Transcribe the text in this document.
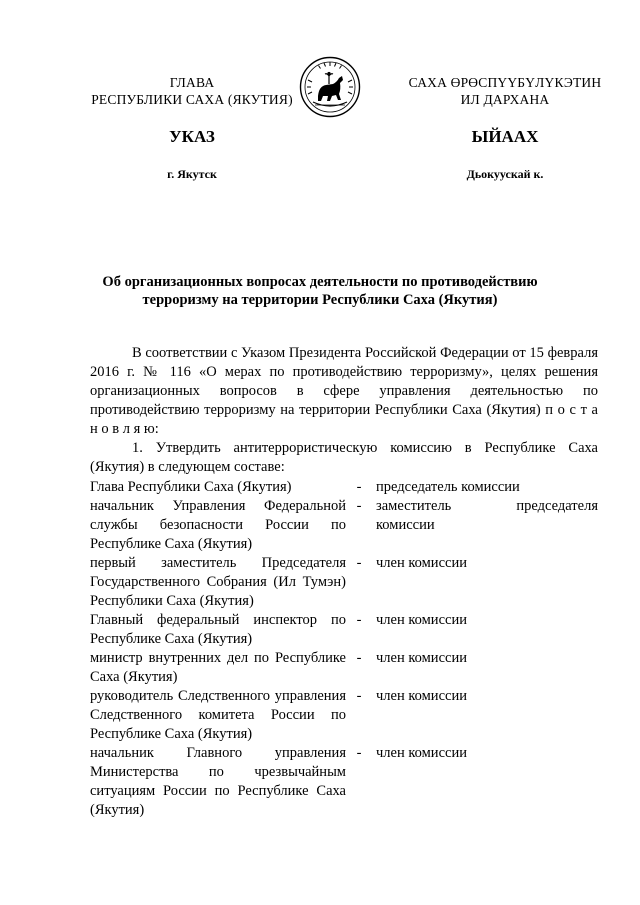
ГЛАВА
РЕСПУБЛИКИ САХА (ЯКУТИЯ)
САХА ӨРӨСПҮҮБҮЛҮКЭТИН
ИЛ ДАРХАНА
УКАЗ	ЫЙААХ
г. Якутск	Дьокуускай к.
Об организационных вопросах деятельности по противодействию
терроризму на территории Республики Саха (Якутия)

В соответствии с Указом Президента Российской Федерации от 15 февраля 2016 г. № 116 «О мерах по противодействию терроризму», целях решения организационных вопросов в сфере управления деятельностью по противодействию терроризму на территории Республики Саха (Якутия) п о с т а н о в л я ю:

1. Утвердить антитеррористическую комиссию в Республике Саха (Якутия) в следующем составе:

Глава Республики Саха (Якутия)	-	председатель комиссии
начальник Управления Федеральной службы безопасности России по Республике Саха (Якутия)
-	заместитель председателя комиссии
первый заместитель Председателя Государственного Собрания (Ил Тумэн) Республики Саха (Якутия)
-	член комиссии
Главный федеральный инспектор по Республике Саха (Якутия)
-	член комиссии
министр внутренних дел по Республике Саха (Якутия)
-	член комиссии
руководитель Следственного управления Следственного комитета России по Республике Саха (Якутия)
-	член комиссии
начальник Главного управления Министерства по чрезвычайным ситуациям России по Республике Саха (Якутия)
-	член комиссии
